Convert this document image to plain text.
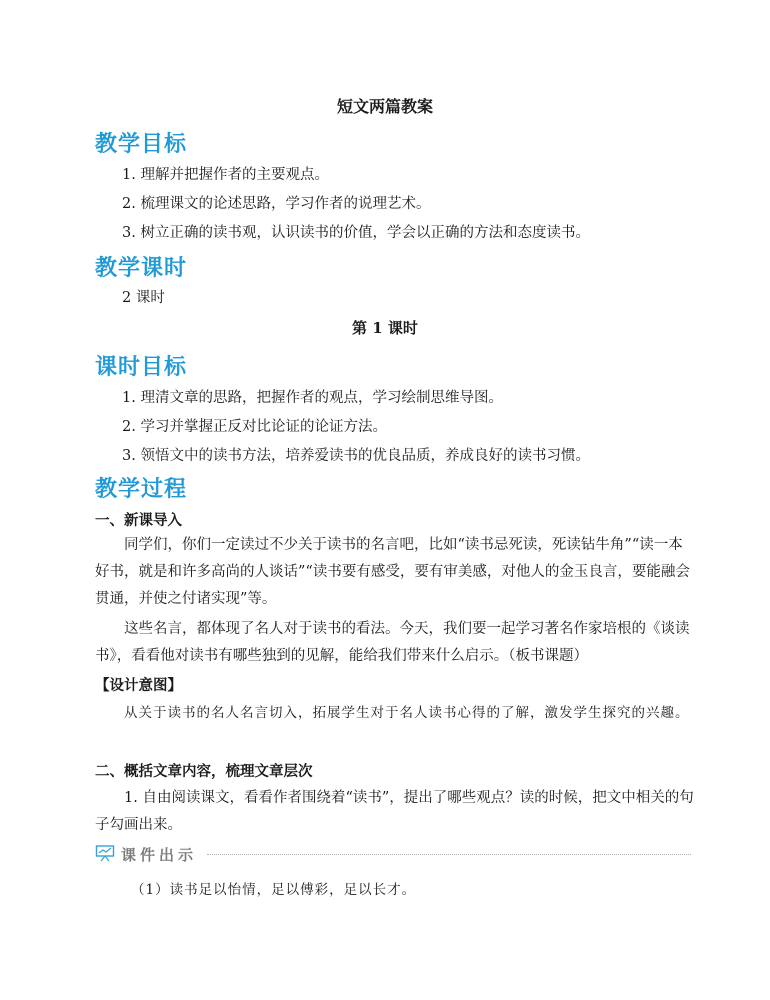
短文两篇教案
教学目标
1. 理解并把握作者的主要观点。
2. 梳理课文的论述思路，学习作者的说理艺术。
3. 树立正确的读书观，认识读书的价值，学会以正确的方法和态度读书。
教学课时
2 课时
第 1 课时
课时目标
1. 理清文章的思路，把握作者的观点，学习绘制思维导图。
2. 学习并掌握正反对比论证的论证方法。
3. 领悟文中的读书方法，培养爱读书的优良品质，养成良好的读书习惯。
教学过程
一、新课导入
同学们，你们一定读过不少关于读书的名言吧，比如“读书忌死读，死读钻牛角”“读一本好书，就是和许多高尚的人谈话”“读书要有感受，要有审美感，对他人的金玉良言，要能融会贯通，并使之付诸实现”等。
这些名言，都体现了名人对于读书的看法。今天，我们要一起学习著名作家培根的《谈读书》，看看他对读书有哪些独到的见解，能给我们带来什么启示。（板书课题）
【设计意图】
从关于读书的名人名言切入，拓展学生对于名人读书心得的了解，激发学生探究的兴趣。
二、概括文章内容，梳理文章层次
1. 自由阅读课文，看看作者围绕着“读书”，提出了哪些观点？读的时候，把文中相关的句子勾画出来。
课件出示
（1）读书足以怡情，足以傅彩，足以长才。
